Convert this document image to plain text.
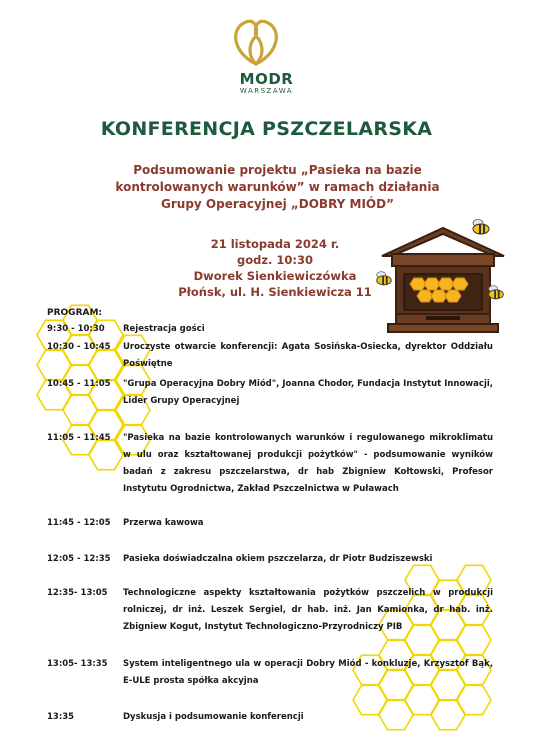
MODR
WARSZAWA
KONFERENCJA PSZCZELARSKA
Podsumowanie projektu „Pasieka na bazie kontrolowanych warunków” w ramach działania Grupy Operacyjnej „DOBRY MIÓD”
21 listopada 2024 r.
godz. 10:30
Dworek Sienkiewiczówka
Płońsk, ul. H. Sienkiewicza 11
PROGRAM:
9:30 - 10:30	Rejestracja gości
10:30 - 10:45	Uroczyste otwarcie konferencji: Agata Sosińska-Osiecka, dyrektor Oddziału Poświętne
10:45 - 11:05	"Grupa Operacyjna Dobry Miód", Joanna Chodor, Fundacja Instytut Innowacji, Lider Grupy Operacyjnej
11:05 - 11:45	"Pasieka na bazie kontrolowanych warunków i regulowanego mikroklimatu w ulu oraz kształtowanej produkcji pożytków" - podsumowanie wyników badań z zakresu pszczelarstwa, dr hab Zbigniew Kołtowski, Profesor Instytutu Ogrodnictwa, Zakład Pszczelnictwa w Puławach
11:45 - 12:05	Przerwa kawowa
12:05 - 12:35	Pasieka doświadczalna okiem pszczelarza, dr Piotr Budziszewski
12:35- 13:05	Technologiczne aspekty kształtowania pożytków pszczelich w produkcji rolniczej, dr inż. Leszek Sergiel, dr hab. inż. Jan Kamionka, dr hab. inż. Zbigniew Kogut, Instytut Technologiczno-Przyrodniczy PIB
13:05- 13:35	System inteligentnego ula w operacji Dobry Miód - konkluzje, Krzysztof Bąk, E-ULE prosta spółka akcyjna
13:35	Dyskusja i podsumowanie konferencji
